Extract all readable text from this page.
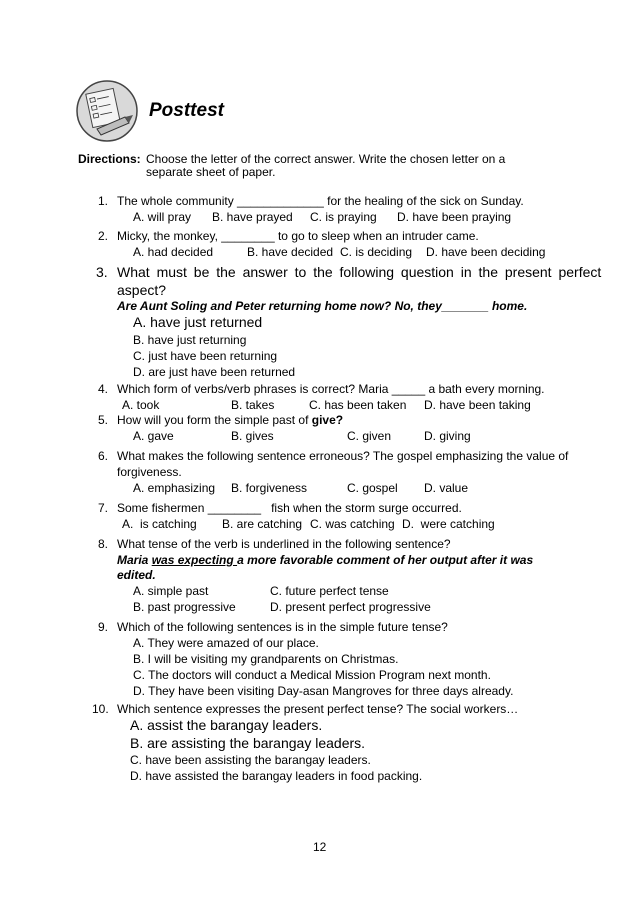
Posttest
Directions: Choose the letter of the correct answer. Write the chosen letter on a
separate sheet of paper.
1. The whole community _____________ for the healing of the sick on Sunday.
A. will pray B. have prayed C. is praying D. have been praying
2. Micky, the monkey, ________ to go to sleep when an intruder came.
A. had decided	B. have decided C. is deciding D. have been deciding
3. What must be the answer to the following question in the present perfect
aspect?
Are Aunt Soling and Peter returning home now? No, they_______ home.
A. have just returned
B. have just returning
C. just have been returning
D. are just have been returned
4. Which form of verbs/verb phrases is correct? Maria _____ a bath every morning.
A. took	B. takes	C. has been taken D. have been taking
5. How will you form the simple past of give?
A. gave	B. gives	C. given	D. giving
6. What makes the following sentence erroneous? The gospel emphasizing the value of
forgiveness.
A. emphasizing B. forgiveness	C. gospel D. value
7. Some fishermen ________   fish when the storm surge occurred.
A.  is catching B. are catching C. was catching D.  were catching
8. What tense of the verb is underlined in the following sentence?
Maria was expecting a more favorable comment of her output after it was
edited.
A. simple past	C. future perfect tense
B. past progressive	D. present perfect progressive
9. Which of the following sentences is in the simple future tense?
A. They were amazed of our place.
B. I will be visiting my grandparents on Christmas.
C. The doctors will conduct a Medical Mission Program next month.
D. They have been visiting Day-asan Mangroves for three days already.
10. Which sentence expresses the present perfect tense? The social workers…
A. assist the barangay leaders.
B. are assisting the barangay leaders.
C. have been assisting the barangay leaders.
D. have assisted the barangay leaders in food packing.
12
